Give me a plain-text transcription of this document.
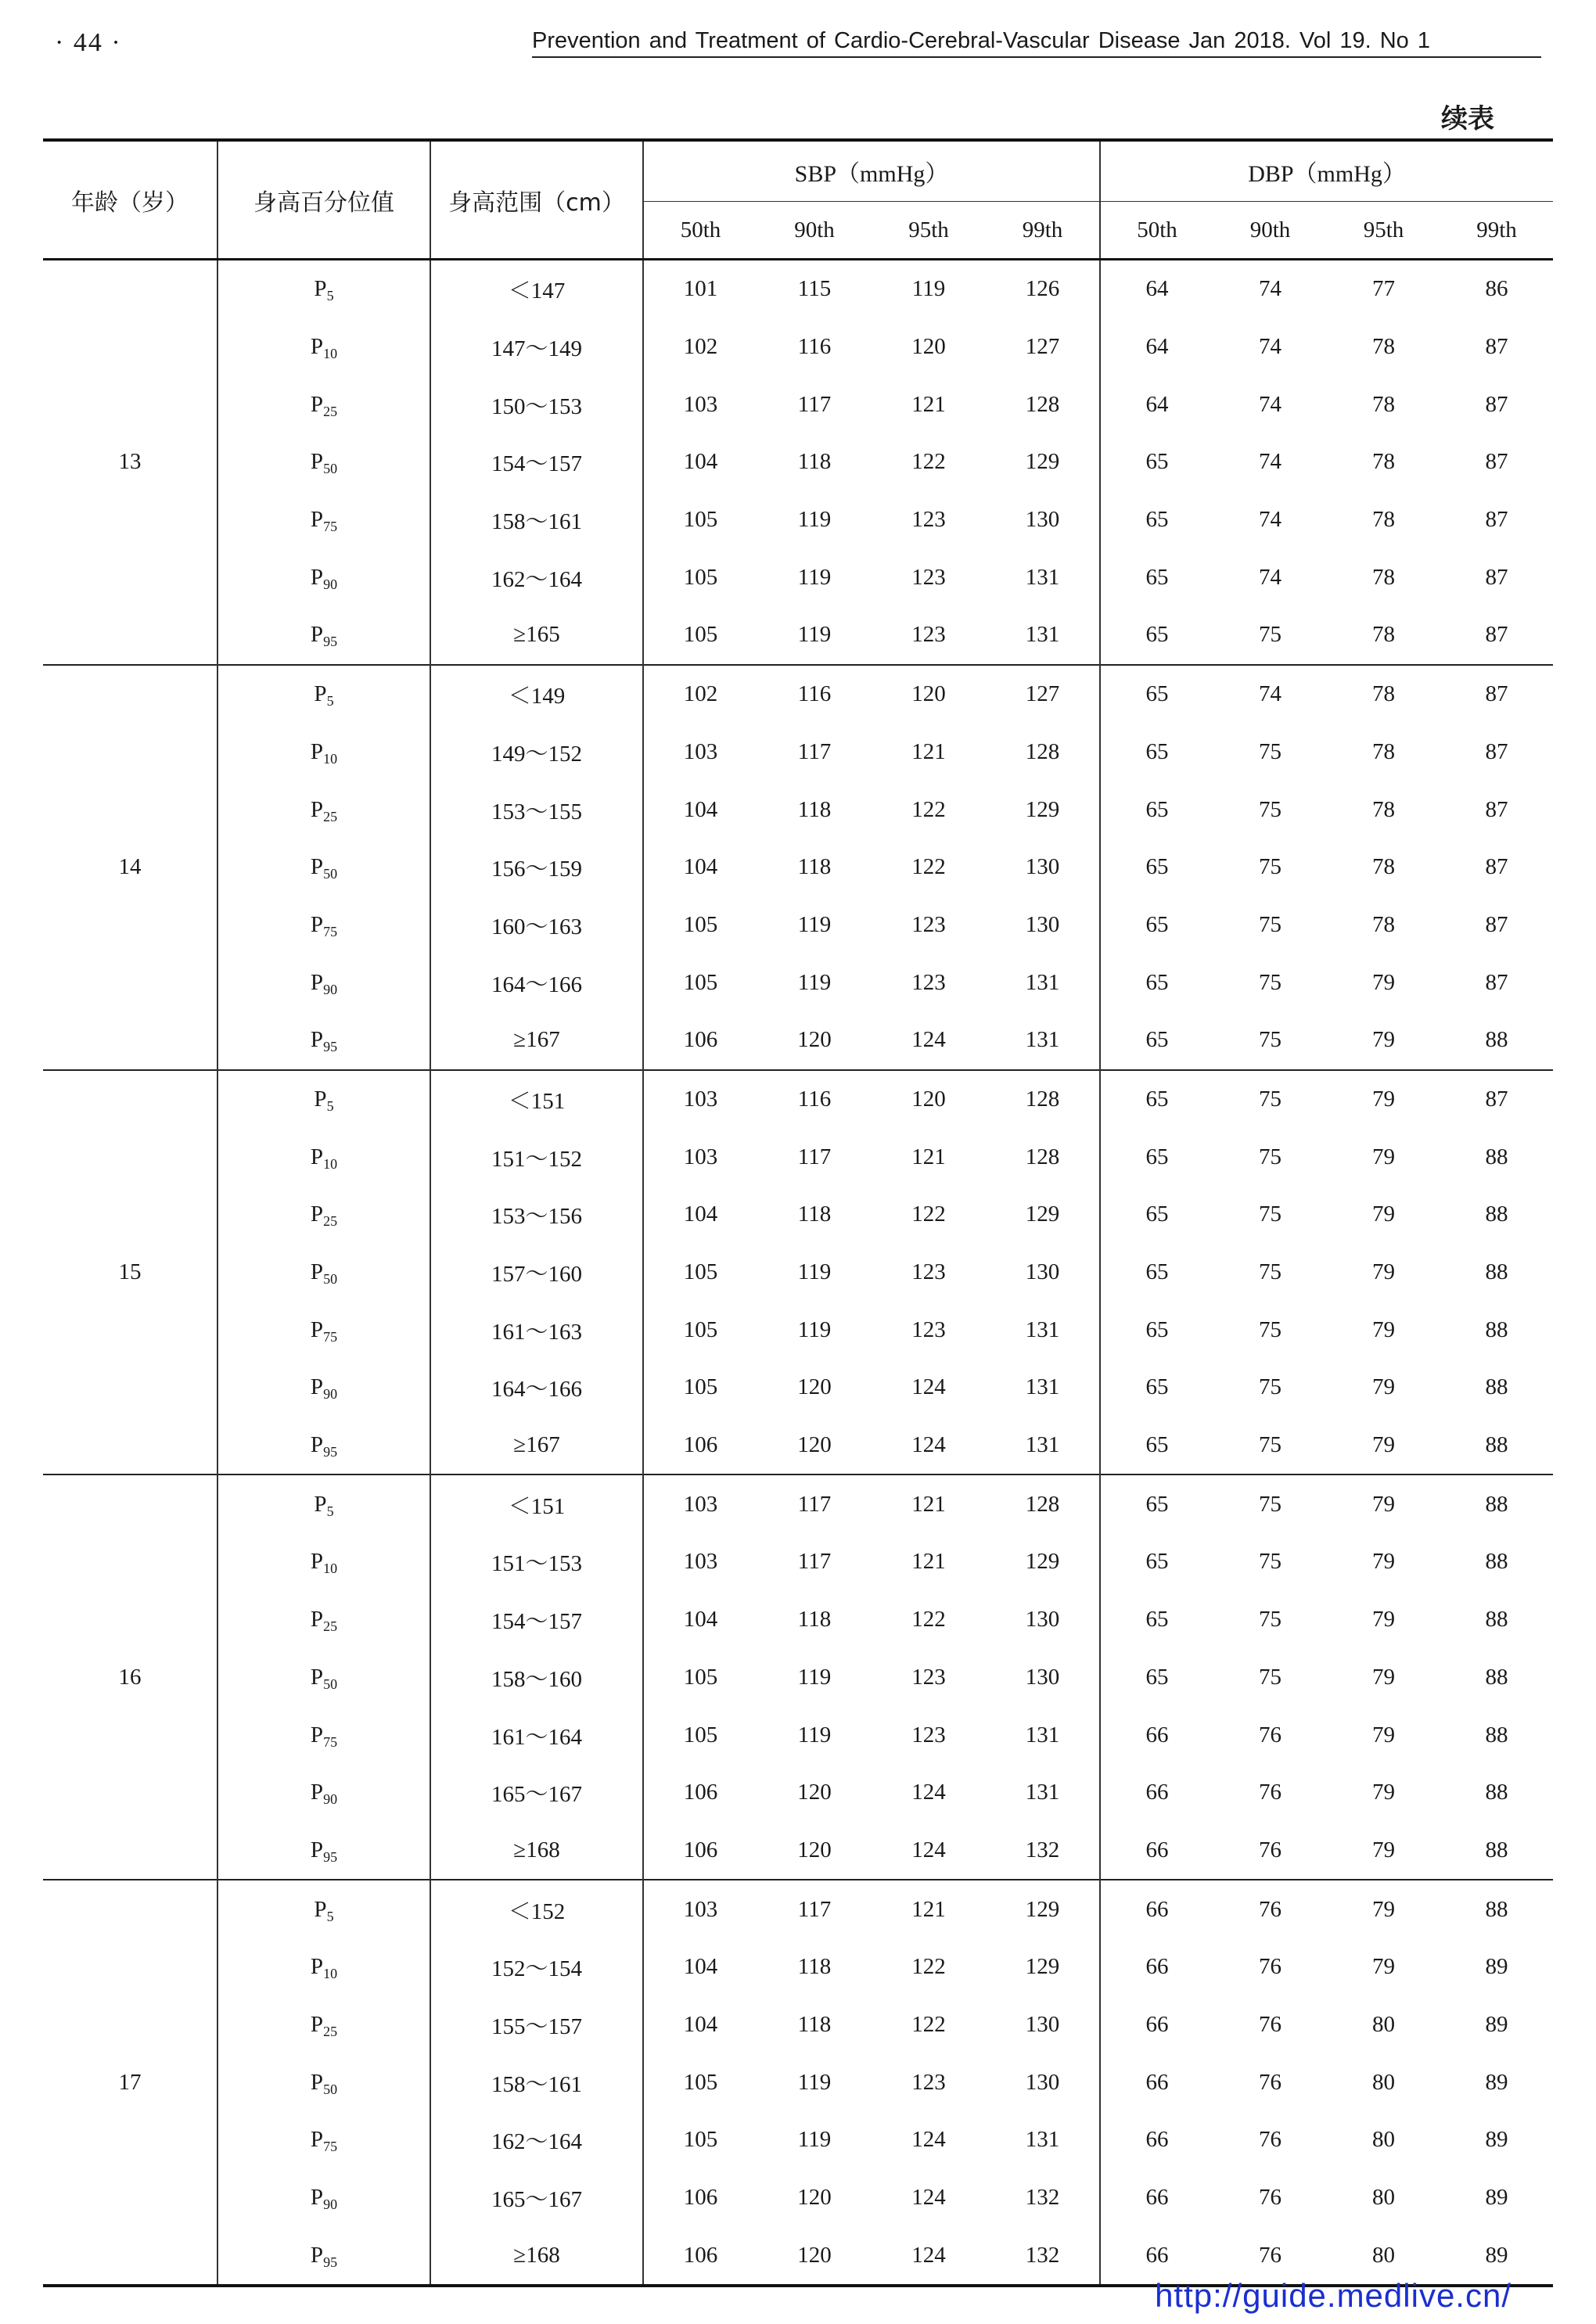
· 44 ·	Prevention and Treatment of Cardio-Cerebral-Vascular Disease Jan 2018. Vol 19. No 1
续表
年龄（岁）	身高百分位值	身高范围（cm）	SBP（mmHg）				DBP（mmHg）			
			50th	90th	95th	99th	50th	90th	95th	99th
13	$P_5$	＜147	101	115	119	126	64	74	77	86
	$P_{10}$	147～149	102	116	120	127	64	74	78	87
	$P_{25}$	150～153	103	117	121	128	64	74	78	87
	$P_{50}$	154～157	104	118	122	129	65	74	78	87
	$P_{75}$	158～161	105	119	123	130	65	74	78	87
	$P_{90}$	162～164	105	119	123	131	65	74	78	87
	$P_{95}$	≥165	105	119	123	131	65	75	78	87
14	$P_5$	＜149	102	116	120	127	65	74	78	87
	$P_{10}$	149～152	103	117	121	128	65	75	78	87
	$P_{25}$	153～155	104	118	122	129	65	75	78	87
	$P_{50}$	156～159	104	118	122	130	65	75	78	87
	$P_{75}$	160～163	105	119	123	130	65	75	78	87
	$P_{90}$	164～166	105	119	123	131	65	75	79	87
	$P_{95}$	≥167	106	120	124	131	65	75	79	88
15	$P_5$	＜151	103	116	120	128	65	75	79	87
	$P_{10}$	151～152	103	117	121	128	65	75	79	88
	$P_{25}$	153～156	104	118	122	129	65	75	79	88
	$P_{50}$	157～160	105	119	123	130	65	75	79	88
	$P_{75}$	161～163	105	119	123	131	65	75	79	88
	$P_{90}$	164～166	105	120	124	131	65	75	79	88
	$P_{95}$	≥167	106	120	124	131	65	75	79	88
16	$P_5$	＜151	103	117	121	128	65	75	79	88
	$P_{10}$	151～153	103	117	121	129	65	75	79	88
	$P_{25}$	154～157	104	118	122	130	65	75	79	88
	$P_{50}$	158～160	105	119	123	130	65	75	79	88
	$P_{75}$	161～164	105	119	123	131	66	76	79	88
	$P_{90}$	165～167	106	120	124	131	66	76	79	88
	$P_{95}$	≥168	106	120	124	132	66	76	79	88
17	$P_5$	＜152	103	117	121	129	66	76	79	88
	$P_{10}$	152～154	104	118	122	129	66	76	79	89
	$P_{25}$	155～157	104	118	122	130	66	76	80	89
	$P_{50}$	158～161	105	119	123	130	66	76	80	89
	$P_{75}$	162～164	105	119	124	131	66	76	80	89
	$P_{90}$	165～167	106	120	124	132	66	76	80	89
	$P_{95}$	≥168	106	120	124	132	66	76	80	89
http://guide.medlive.cn/
